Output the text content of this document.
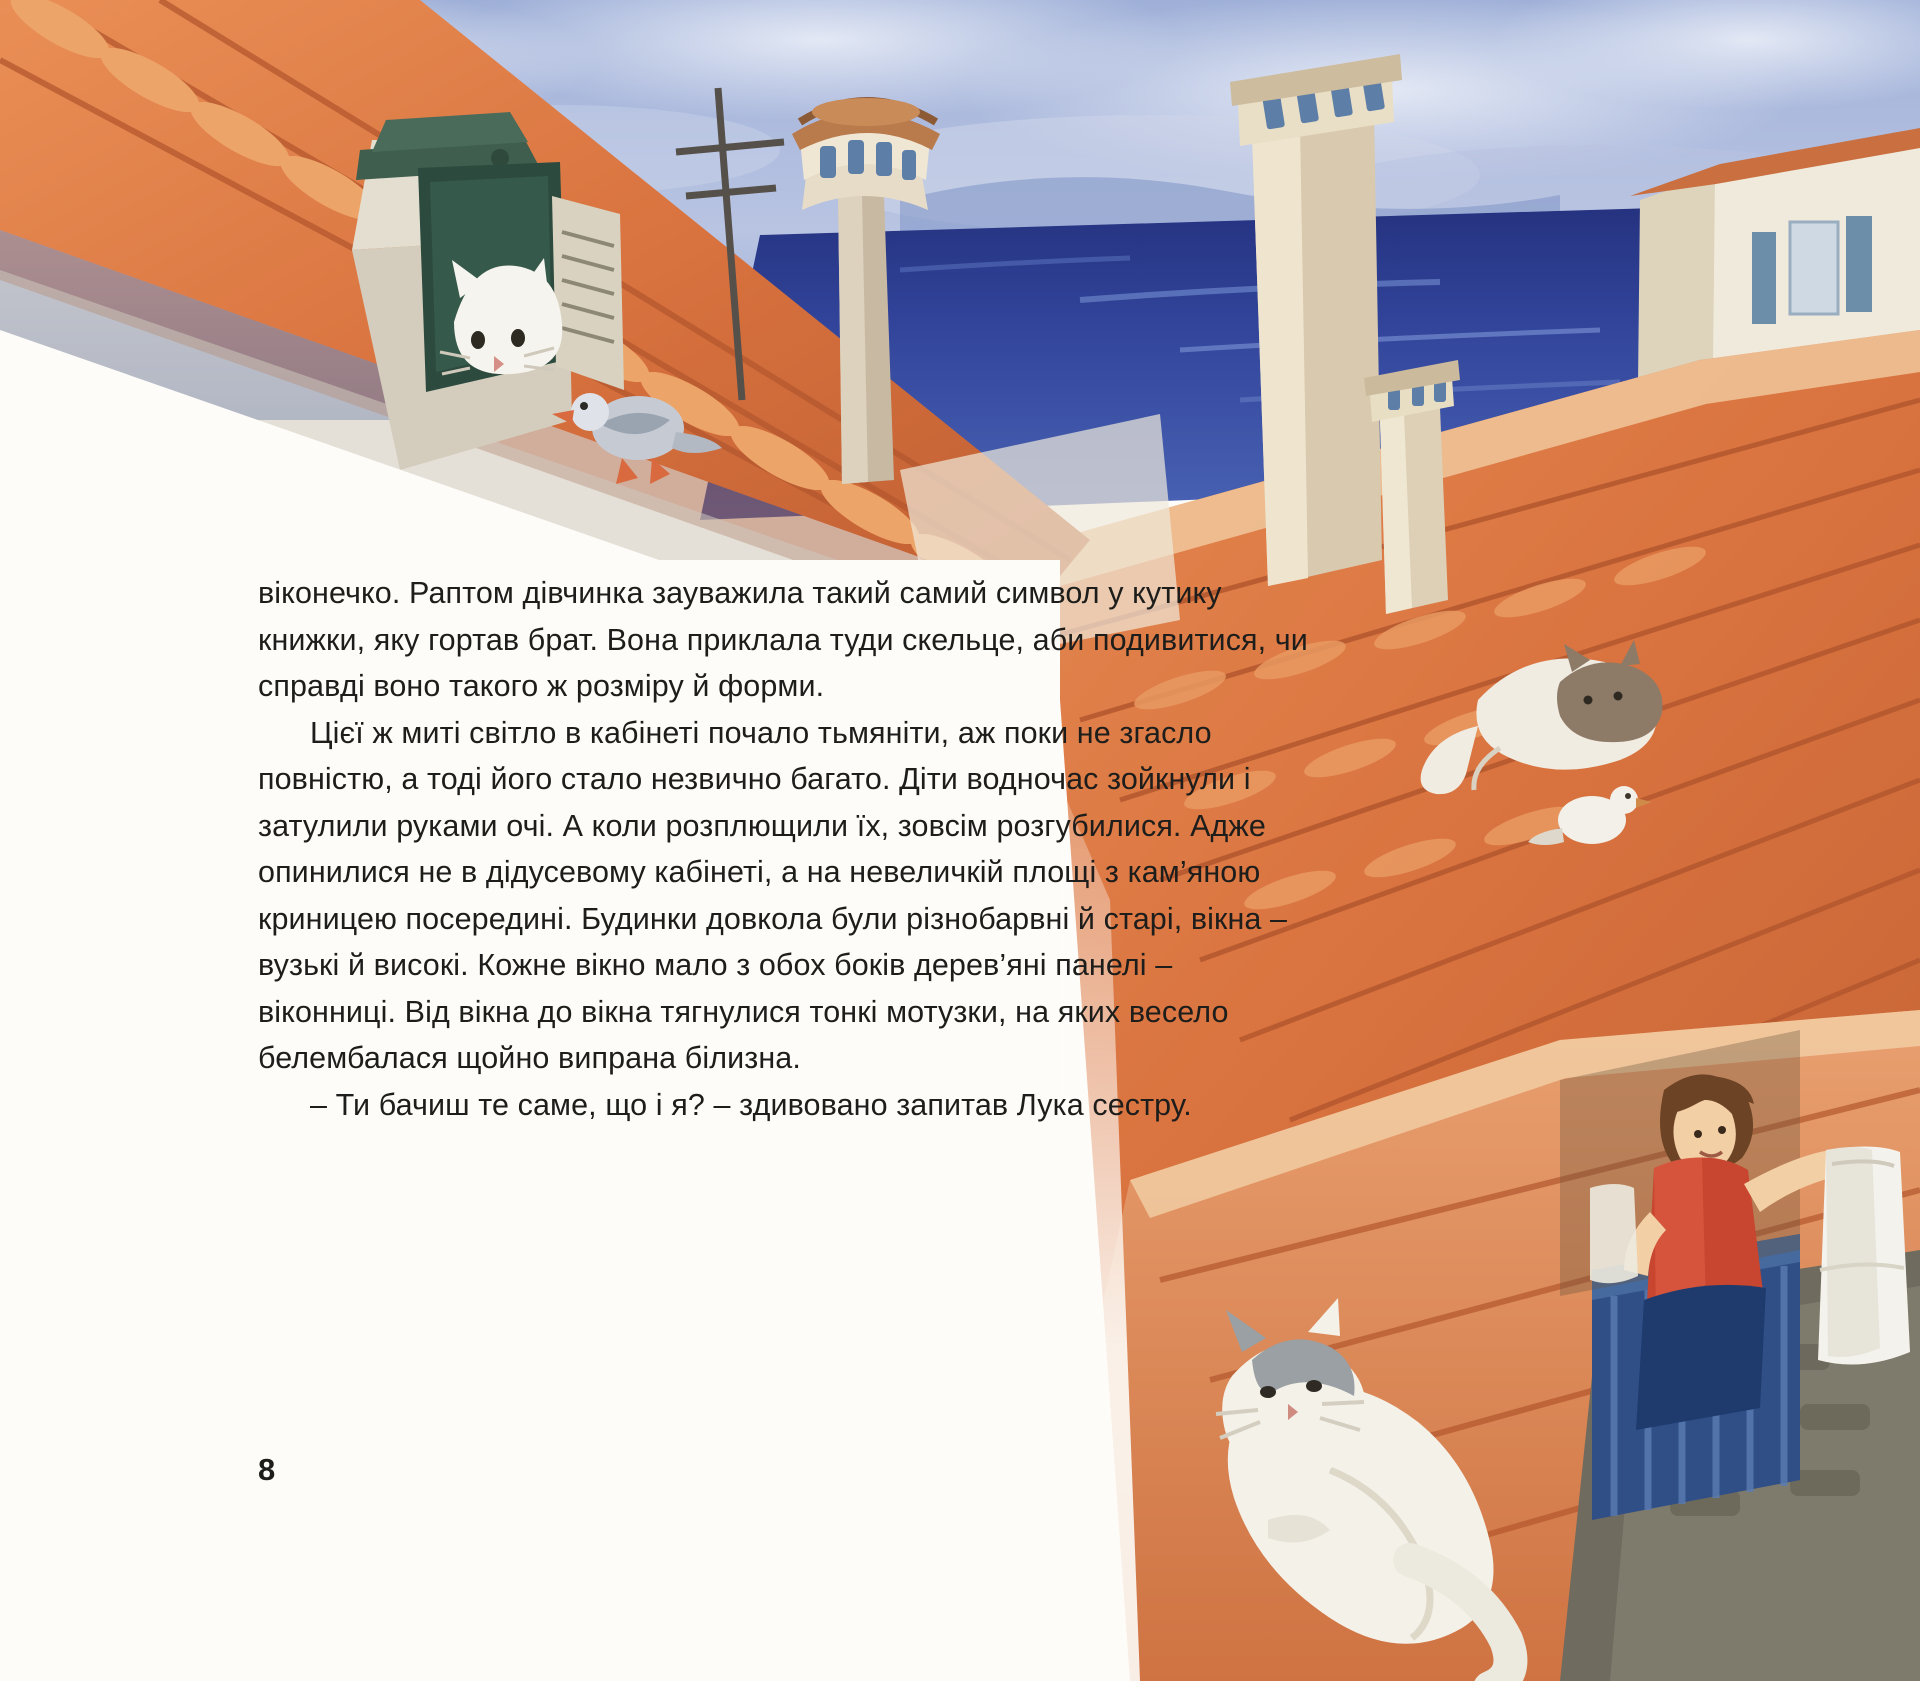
віконечко. Раптом дівчинка зауважила такий самий символ у кутику книжки, яку гортав брат. Вона приклала туди скельце, аби подивитися, чи справді воно такого ж розміру й форми.

Цієї ж миті світло в кабінеті почало тьмяніти, аж поки не згасло повністю, а тоді його стало незвично багато. Діти водночас зойкнули і затулили руками очі. А коли розплющили їх, зовсім розгубилися. Адже опинилися не в дідусевому кабінеті, а на невеличкій площі з кам’яною криницею посередині. Будинки довкола були різнобарвні й старі, вікна – вузькі й високі. Кожне вікно мало з обох боків дерев’яні панелі – віконниці. Від вікна до вікна тягнулися тонкі мотузки, на яких весело белембалася щойно випрана білизна.

– Ти бачиш те саме, що і я? – здивовано запитав Лука сестру.

8
